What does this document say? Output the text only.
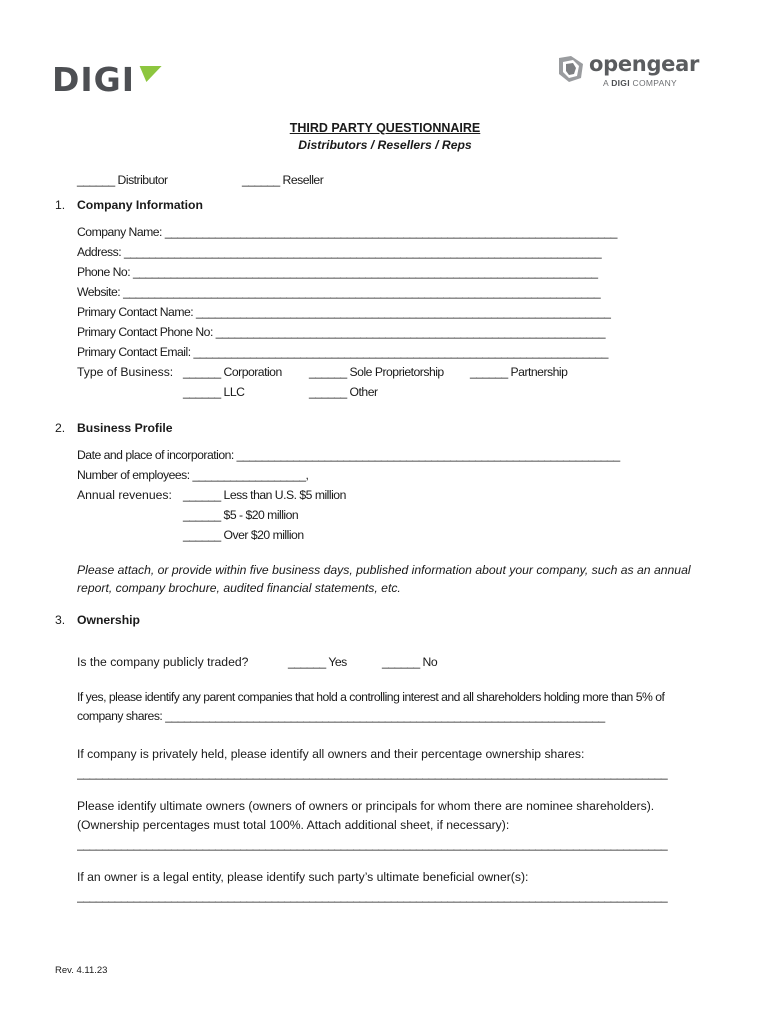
DIGI	opengear
A DIGI COMPANY
THIRD PARTY QUESTIONNAIRE
Distributors / Resellers / Reps
______ Distributor	______ Reseller
1. Company Information
Company Name: ________________________________________________________________________
Address: ____________________________________________________________________________
Phone No: __________________________________________________________________________
Website: ____________________________________________________________________________
Primary Contact Name: __________________________________________________________________
Primary Contact Phone No: ______________________________________________________________
Primary Contact Email: __________________________________________________________________
Type of Business: ______ Corporation ______ Sole Proprietorship ______ Partnership
______ LLC	______ Other
2. Business Profile
Date and place of incorporation: _____________________________________________________________
Number of employees: __________________,
Annual revenues: ______ Less than U.S. $5 million
______ $5 - $20 million
______ Over $20 million
Please attach, or provide within five business days, published information about your company, such as an annual report, company brochure, audited financial statements, etc.
3. Ownership
Is the company publicly traded?	______ Yes	______ No
If yes, please identify any parent companies that hold a controlling interest and all shareholders holding more than 5% of company shares: ______________________________________________________________________
If company is privately held, please identify all owners and their percentage ownership shares:
______________________________________________________________________________________________
Please identify ultimate owners (owners of owners or principals for whom there are nominee shareholders).
(Ownership percentages must total 100%. Attach additional sheet, if necessary):
______________________________________________________________________________________________
If an owner is a legal entity, please identify such party’s ultimate beneficial owner(s):
______________________________________________________________________________________________
Rev. 4.11.23
